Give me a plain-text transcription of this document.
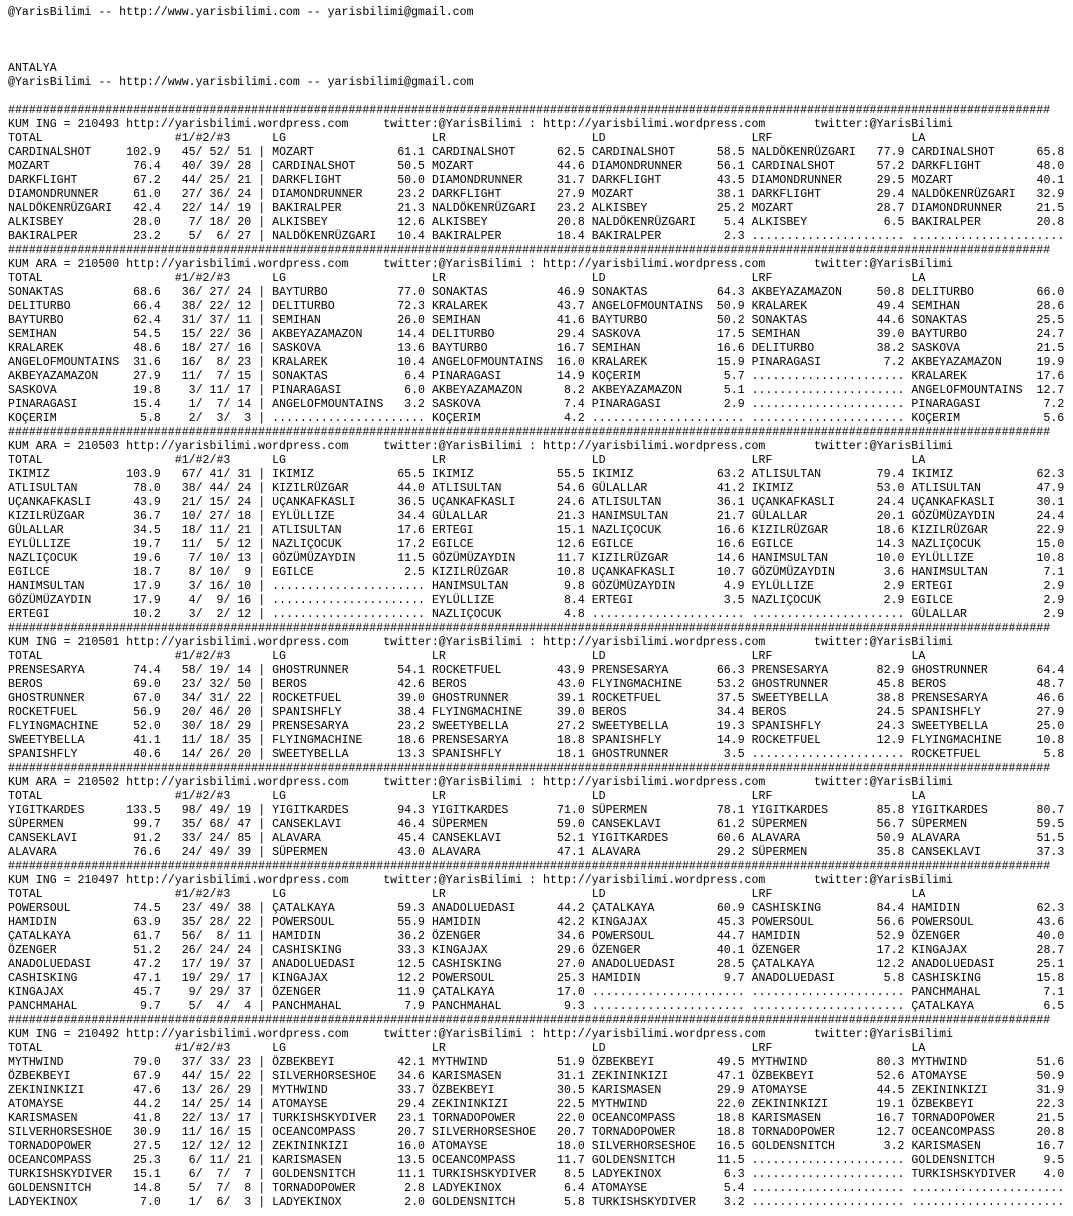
@YarisBilimi -- http://www.yarisbilimi.com -- yarisbilimi@gmail.com
ANTALYA
@YarisBilimi -- http://www.yarisbilimi.com -- yarisbilimi@gmail.com
######################################################################################################################################################
KUM ING = 210493 http://yarisbilimi.wordpress.com	twitter:@YarisBilimi : http://yarisbilimi.wordpress.com	twitter:@YarisBilimi
TOTAL	#1/#2/#3	LG	LR	LD	LRF	LA
CARDINALSHOT     102.9   45/ 52/ 51 | MOZART            61.1 CARDINALSHOT      62.5 CARDINALSHOT      58.5 NALDÖKENRÜZGARI   77.9 CARDINALSHOT      65.8
MOZART            76.4   40/ 39/ 28 | CARDINALSHOT      50.5 MOZART            44.6 DIAMONDRUNNER     56.1 CARDINALSHOT      57.2 DARKFLIGHT        48.0
DARKFLIGHT        67.2   44/ 25/ 21 | DARKFLIGHT        50.0 DIAMONDRUNNER     31.7 DARKFLIGHT        43.5 DIAMONDRUNNER     29.5 MOZART            40.1
DIAMONDRUNNER     61.0   27/ 36/ 24 | DIAMONDRUNNER     23.2 DARKFLIGHT        27.9 MOZART            38.1 DARKFLIGHT        29.4 NALDÖKENRÜZGARI   32.9
NALDÖKENRÜZGARI   42.4   22/ 14/ 19 | BAKIRALPER        21.3 NALDÖKENRÜZGARI   23.2 ALKISBEY          25.2 MOZART            28.7 DIAMONDRUNNER     21.5
ALKISBEY          28.0    7/ 18/ 20 | ALKISBEY          12.6 ALKISBEY          20.8 NALDÖKENRÜZGARI    5.4 ALKISBEY           6.5 BAKIRALPER        20.8
BAKIRALPER        23.2    5/  6/ 27 | NALDÖKENRÜZGARI   10.4 BAKIRALPER        18.4 BAKIRALPER         2.3 ...................... ......................
######################################################################################################################################################
KUM ARA = 210500 http://yarisbilimi.wordpress.com	twitter:@YarisBilimi : http://yarisbilimi.wordpress.com	twitter:@YarisBilimi
TOTAL	#1/#2/#3	LG	LR	LD	LRF	LA
SONAKTAS          68.6   36/ 27/ 24 | BAYTURBO          77.0 SONAKTAS          46.9 SONAKTAS          64.3 AKBEYAZAMAZON     50.8 DELITURBO         66.0
DELITURBO         66.4   38/ 22/ 12 | DELITURBO         72.3 KRALAREK          43.7 ANGELOFMOUNTAINS  50.9 KRALAREK          49.4 SEMIHAN           28.6
BAYTURBO          62.4   31/ 37/ 11 | SEMIHAN           26.0 SEMIHAN           41.6 BAYTURBO          50.2 SONAKTAS          44.6 SONAKTAS          25.5
SEMIHAN           54.5   15/ 22/ 36 | AKBEYAZAMAZON     14.4 DELITURBO         29.4 SASKOVA           17.5 SEMIHAN           39.0 BAYTURBO          24.7
KRALAREK          48.6   18/ 27/ 16 | SASKOVA           13.6 BAYTURBO          16.7 SEMIHAN           16.6 DELITURBO         38.2 SASKOVA           21.5
ANGELOFMOUNTAINS  31.6   16/  8/ 23 | KRALAREK          10.4 ANGELOFMOUNTAINS  16.0 KRALAREK          15.9 PINARAGASI         7.2 AKBEYAZAMAZON     19.9
AKBEYAZAMAZON     27.9   11/  7/ 15 | SONAKTAS           6.4 PINARAGASI        14.9 KOÇERIM            5.7 ...................... KRALAREK          17.6
SASKOVA           19.8    3/ 11/ 17 | PINARAGASI         6.0 AKBEYAZAMAZON      8.2 AKBEYAZAMAZON      5.1 ...................... ANGELOFMOUNTAINS  12.7
PINARAGASI        15.4    1/  7/ 14 | ANGELOFMOUNTAINS   3.2 SASKOVA            7.4 PINARAGASI         2.9 ...................... PINARAGASI         7.2
KOÇERIM            5.8    2/  3/  3 | ...................... KOÇERIM            4.2 ...................... ...................... KOÇERIM            5.6
######################################################################################################################################################
KUM ARA = 210503 http://yarisbilimi.wordpress.com	twitter:@YarisBilimi : http://yarisbilimi.wordpress.com	twitter:@YarisBilimi
TOTAL	#1/#2/#3	LG	LR	LD	LRF	LA
IKIMIZ           103.9   67/ 41/ 31 | IKIMIZ            65.5 IKIMIZ            55.5 IKIMIZ            63.2 ATLISULTAN        79.4 IKIMIZ            62.3
ATLISULTAN        78.0   38/ 44/ 24 | KIZILRÜZGAR       44.0 ATLISULTAN        54.6 GÜLALLAR          41.2 IKIMIZ            53.0 ATLISULTAN        47.9
UÇANKAFKASLI      43.9   21/ 15/ 24 | UÇANKAFKASLI      36.5 UÇANKAFKASLI      24.6 ATLISULTAN        36.1 UÇANKAFKASLI      24.4 UÇANKAFKASLI      30.1
KIZILRÜZGAR       36.7   10/ 27/ 18 | EYLÜLLIZE         34.4 GÜLALLAR          21.3 HANIMSULTAN       21.7 GÜLALLAR          20.1 GÖZÜMÜZAYDIN      24.4
GÜLALLAR          34.5   18/ 11/ 21 | ATLISULTAN        17.6 ERTEGI            15.1 NAZLIÇOCUK        16.6 KIZILRÜZGAR       18.6 KIZILRÜZGAR       22.9
EYLÜLLIZE         19.7   11/  5/ 12 | NAZLIÇOCUK        17.2 EGILCE            12.6 EGILCE            16.6 EGILCE            14.3 NAZLIÇOCUK        15.0
NAZLIÇOCUK        19.6    7/ 10/ 13 | GÖZÜMÜZAYDIN      11.5 GÖZÜMÜZAYDIN      11.7 KIZILRÜZGAR       14.6 HANIMSULTAN       10.0 EYLÜLLIZE         10.8
EGILCE            18.7    8/ 10/  9 | EGILCE             2.5 KIZILRÜZGAR       10.8 UÇANKAFKASLI      10.7 GÖZÜMÜZAYDIN       3.6 HANIMSULTAN        7.1
HANIMSULTAN       17.9    3/ 16/ 10 | ...................... HANIMSULTAN        9.8 GÖZÜMÜZAYDIN       4.9 EYLÜLLIZE          2.9 ERTEGI             2.9
GÖZÜMÜZAYDIN      17.9    4/  9/ 16 | ...................... EYLÜLLIZE          8.4 ERTEGI             3.5 NAZLIÇOCUK         2.9 EGILCE             2.9
ERTEGI            10.2    3/  2/ 12 | ...................... NAZLIÇOCUK         4.8 ...................... ...................... GÜLALLAR           2.9
######################################################################################################################################################
KUM ING = 210501 http://yarisbilimi.wordpress.com	twitter:@YarisBilimi : http://yarisbilimi.wordpress.com	twitter:@YarisBilimi
TOTAL	#1/#2/#3	LG	LR	LD	LRF	LA
PRENSESARYA       74.4   58/ 19/ 14 | GHOSTRUNNER       54.1 ROCKETFUEL        43.9 PRENSESARYA       66.3 PRENSESARYA       82.9 GHOSTRUNNER       64.4
BEROS             69.0   23/ 32/ 50 | BEROS             42.6 BEROS             43.0 FLYINGMACHINE     53.2 GHOSTRUNNER       45.8 BEROS             48.7
GHOSTRUNNER       67.0   34/ 31/ 22 | ROCKETFUEL        39.0 GHOSTRUNNER       39.1 ROCKETFUEL        37.5 SWEETYBELLA       38.8 PRENSESARYA       46.6
ROCKETFUEL        56.9   20/ 46/ 20 | SPANISHFLY        38.4 FLYINGMACHINE     39.0 BEROS             34.4 BEROS             24.5 SPANISHFLY        27.9
FLYINGMACHINE     52.0   30/ 18/ 29 | PRENSESARYA       23.2 SWEETYBELLA       27.2 SWEETYBELLA       19.3 SPANISHFLY        24.3 SWEETYBELLA       25.0
SWEETYBELLA       41.1   11/ 18/ 35 | FLYINGMACHINE     18.6 PRENSESARYA       18.8 SPANISHFLY        14.9 ROCKETFUEL        12.9 FLYINGMACHINE     10.8
SPANISHFLY        40.6   14/ 26/ 20 | SWEETYBELLA       13.3 SPANISHFLY        18.1 GHOSTRUNNER        3.5 ...................... ROCKETFUEL         5.8
######################################################################################################################################################
KUM ARA = 210502 http://yarisbilimi.wordpress.com	twitter:@YarisBilimi : http://yarisbilimi.wordpress.com	twitter:@YarisBilimi
TOTAL	#1/#2/#3	LG	LR	LD	LRF	LA
YIGITKARDES      133.5   98/ 49/ 19 | YIGITKARDES       94.3 YIGITKARDES       71.0 SÜPERMEN          78.1 YIGITKARDES       85.8 YIGITKARDES       80.7
SÜPERMEN          99.7   35/ 68/ 47 | CANSEKLAVI        46.4 SÜPERMEN          59.0 CANSEKLAVI        61.2 SÜPERMEN          56.7 SÜPERMEN          59.5
CANSEKLAVI        91.2   33/ 24/ 85 | ALAVARA           45.4 CANSEKLAVI        52.1 YIGITKARDES       60.6 ALAVARA           50.9 ALAVARA           51.5
ALAVARA           76.6   24/ 49/ 39 | SÜPERMEN          43.0 ALAVARA           47.1 ALAVARA           29.2 SÜPERMEN          35.8 CANSEKLAVI        37.3
######################################################################################################################################################
KUM ING = 210497 http://yarisbilimi.wordpress.com	twitter:@YarisBilimi : http://yarisbilimi.wordpress.com	twitter:@YarisBilimi
TOTAL	#1/#2/#3	LG	LR	LD	LRF	LA
POWERSOUL         74.5   23/ 49/ 38 | ÇATALKAYA         59.3 ANADOLUEDASI      44.2 ÇATALKAYA         60.9 CASHISKING        84.4 HAMIDIN           62.3
HAMIDIN           63.9   35/ 28/ 22 | POWERSOUL         55.9 HAMIDIN           42.2 KINGAJAX          45.3 POWERSOUL         56.6 POWERSOUL         43.6
ÇATALKAYA         61.7   56/  8/ 11 | HAMIDIN           36.2 ÖZENGER           34.6 POWERSOUL         44.7 HAMIDIN           52.9 ÖZENGER           40.0
ÖZENGER           51.2   26/ 24/ 24 | CASHISKING        33.3 KINGAJAX          29.6 ÖZENGER           40.1 ÖZENGER           17.2 KINGAJAX          28.7
ANADOLUEDASI      47.2   17/ 19/ 37 | ANADOLUEDASI      12.5 CASHISKING        27.0 ANADOLUEDASI      28.5 ÇATALKAYA         12.2 ANADOLUEDASI      25.1
CASHISKING        47.1   19/ 29/ 17 | KINGAJAX          12.2 POWERSOUL         25.3 HAMIDIN            9.7 ANADOLUEDASI       5.8 CASHISKING        15.8
KINGAJAX          45.7    9/ 29/ 37 | ÖZENGER           11.9 ÇATALKAYA         17.0 ...................... ...................... PANCHMAHAL         7.1
PANCHMAHAL         9.7    5/  4/  4 | PANCHMAHAL         7.9 PANCHMAHAL         9.3 ...................... ...................... ÇATALKAYA          6.5
######################################################################################################################################################
KUM ING = 210492 http://yarisbilimi.wordpress.com	twitter:@YarisBilimi : http://yarisbilimi.wordpress.com	twitter:@YarisBilimi
TOTAL	#1/#2/#3	LG	LR	LD	LRF	LA
MYTHWIND          79.0   37/ 33/ 23 | ÖZBEKBEYI         42.1 MYTHWIND          51.9 ÖZBEKBEYI         49.5 MYTHWIND          80.3 MYTHWIND          51.6
ÖZBEKBEYI         67.9   44/ 15/ 22 | SILVERHORSESHOE   34.6 KARISMASEN        31.1 ZEKININKIZI       47.1 ÖZBEKBEYI         52.6 ATOMAYSE          50.9
ZEKININKIZI       47.6   13/ 26/ 29 | MYTHWIND          33.7 ÖZBEKBEYI         30.5 KARISMASEN        29.9 ATOMAYSE          44.5 ZEKININKIZI       31.9
ATOMAYSE          44.2   14/ 25/ 14 | ATOMAYSE          29.4 ZEKININKIZI       22.5 MYTHWIND          22.0 ZEKININKIZI       19.1 ÖZBEKBEYI         22.3
KARISMASEN        41.8   22/ 13/ 17 | TURKISHSKYDIVER   23.1 TORNADOPOWER      22.0 OCEANCOMPASS      18.8 KARISMASEN        16.7 TORNADOPOWER      21.5
SILVERHORSESHOE   30.9   11/ 16/ 15 | OCEANCOMPASS      20.7 SILVERHORSESHOE   20.7 TORNADOPOWER      18.8 TORNADOPOWER      12.7 OCEANCOMPASS      20.8
TORNADOPOWER      27.5   12/ 12/ 12 | ZEKININKIZI       16.0 ATOMAYSE          18.0 SILVERHORSESHOE   16.5 GOLDENSNITCH       3.2 KARISMASEN        16.7
OCEANCOMPASS      25.3    6/ 11/ 21 | KARISMASEN        13.5 OCEANCOMPASS      11.7 GOLDENSNITCH      11.5 ...................... GOLDENSNITCH       9.5
TURKISHSKYDIVER   15.1    6/  7/  7 | GOLDENSNITCH      11.1 TURKISHSKYDIVER    8.5 LADYEKINOX         6.3 ...................... TURKISHSKYDIVER    4.0
GOLDENSNITCH      14.8    5/  7/  8 | TORNADOPOWER       2.8 LADYEKINOX         6.4 ATOMAYSE           5.4 ...................... ......................
LADYEKINOX         7.0    1/  6/  3 | LADYEKINOX         2.0 GOLDENSNITCH       5.8 TURKISHSKYDIVER    3.2 ...................... ......................
